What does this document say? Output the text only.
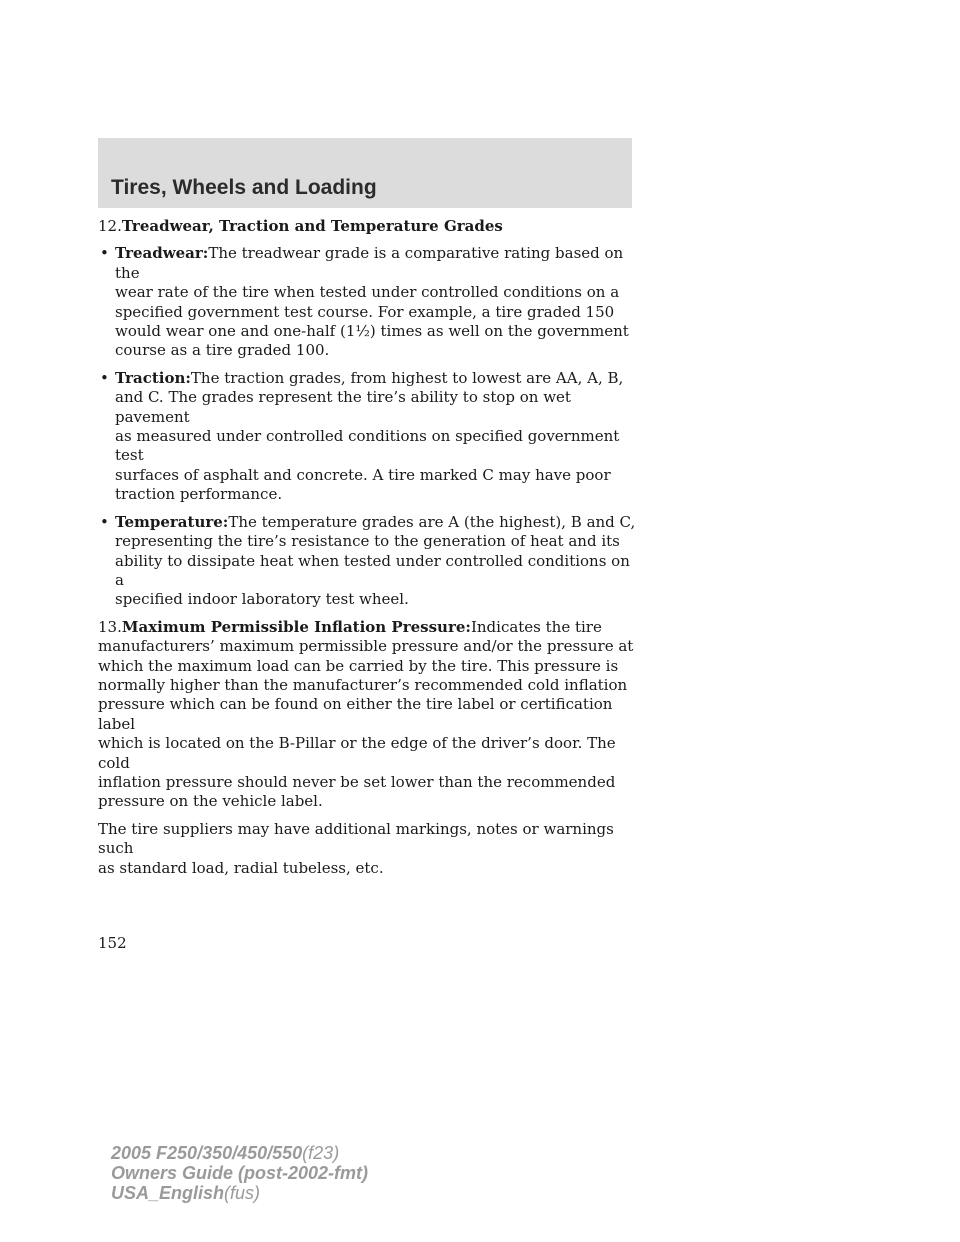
Tires, Wheels and Loading

12.Treadwear, Traction and Temperature Grades

• Treadwear:The treadwear grade is a comparative rating based on the
wear rate of the tire when tested under controlled conditions on a
specified government test course. For example, a tire graded 150
would wear one and one-half (1½) times as well on the government
course as a tire graded 100.
• Traction:The traction grades, from highest to lowest are AA, A, B,
and C. The grades represent the tire’s ability to stop on wet pavement
as measured under controlled conditions on specified government test
surfaces of asphalt and concrete. A tire marked C may have poor
traction performance.
• Temperature:The temperature grades are A (the highest), B and C,
representing the tire’s resistance to the generation of heat and its
ability to dissipate heat when tested under controlled conditions on a
specified indoor laboratory test wheel.

13.Maximum Permissible Inflation Pressure:Indicates the tire
manufacturers’ maximum permissible pressure and/or the pressure at
which the maximum load can be carried by the tire. This pressure is
normally higher than the manufacturer’s recommended cold inflation
pressure which can be found on either the tire label or certification label
which is located on the B-Pillar or the edge of the driver’s door. The cold
inflation pressure should never be set lower than the recommended
pressure on the vehicle label.

The tire suppliers may have additional markings, notes or warnings such
as standard load, radial tubeless, etc.

152
2005 F250/350/450/550(f23)
Owners Guide (post-2002-fmt)
USA_English(fus)
